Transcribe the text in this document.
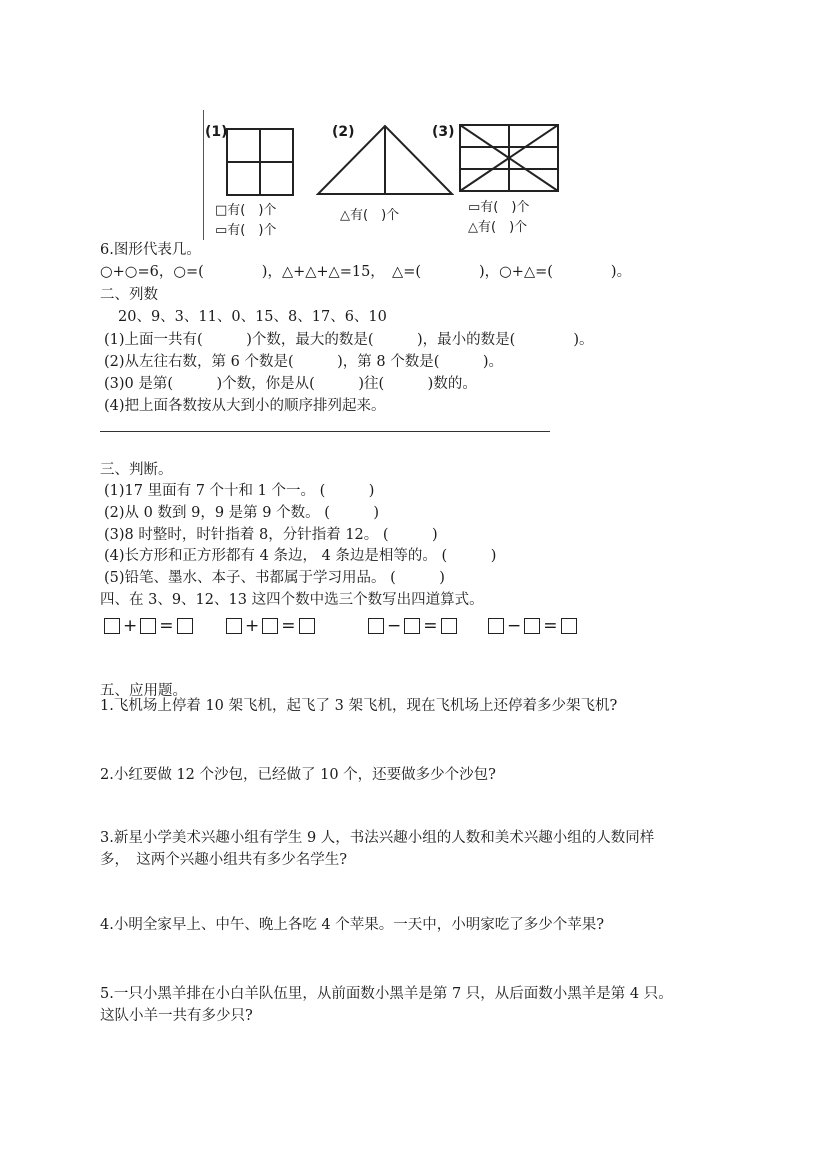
(1)
□有(　)个
▭有(　)个
(2)
△有(　)个
(3)
▭有(　)个
△有(　)个
6.图形代表几。
○+○=6，○=(　　　　)，△+△+△=15，　△=(　　　　)，○+△=(　　　　)。
二、列数
20、9、3、11、0、15、8、17、6、10
(1)上面一共有(　　　)个数，最大的数是(　　　)，最小的数是(　　　　)。
(2)从左往右数，第 6 个数是(　　　)，第 8 个数是(　　　)。
(3)0 是第(　　　)个数，你是从(　　　)往(　　　)数的。
(4)把上面各数按从大到小的顺序排列起来。
三、判断。
(1)17 里面有 7 个十和 1 个一。 (　　　)
(2)从 0 数到 9，9 是第 9 个数。 (　　　)
(3)8 时整时，时针指着 8，分针指着 12。 (　　　)
(4)长方形和正方形都有 4 条边， 4 条边是相等的。 (　　　)
(5)铅笔、墨水、本子、书都属于学习用品。 (　　　)
四、在 3、9、12、13 这四个数中选三个数写出四道算式。
+ =	+ =	− =	− =
五、应用题。
1.飞机场上停着 10 架飞机，起飞了 3 架飞机，现在飞机场上还停着多少架飞机?
2.小红要做 12 个沙包，已经做了 10 个，还要做多少个沙包?
3.新星小学美术兴趣小组有学生 9 人，书法兴趣小组的人数和美术兴趣小组的人数同样
多，　这两个兴趣小组共有多少名学生?
4.小明全家早上、中午、晚上各吃 4 个苹果。一天中，小明家吃了多少个苹果?
5.一只小黑羊排在小白羊队伍里，从前面数小黑羊是第 7 只，从后面数小黑羊是第 4 只。
这队小羊一共有多少只?
